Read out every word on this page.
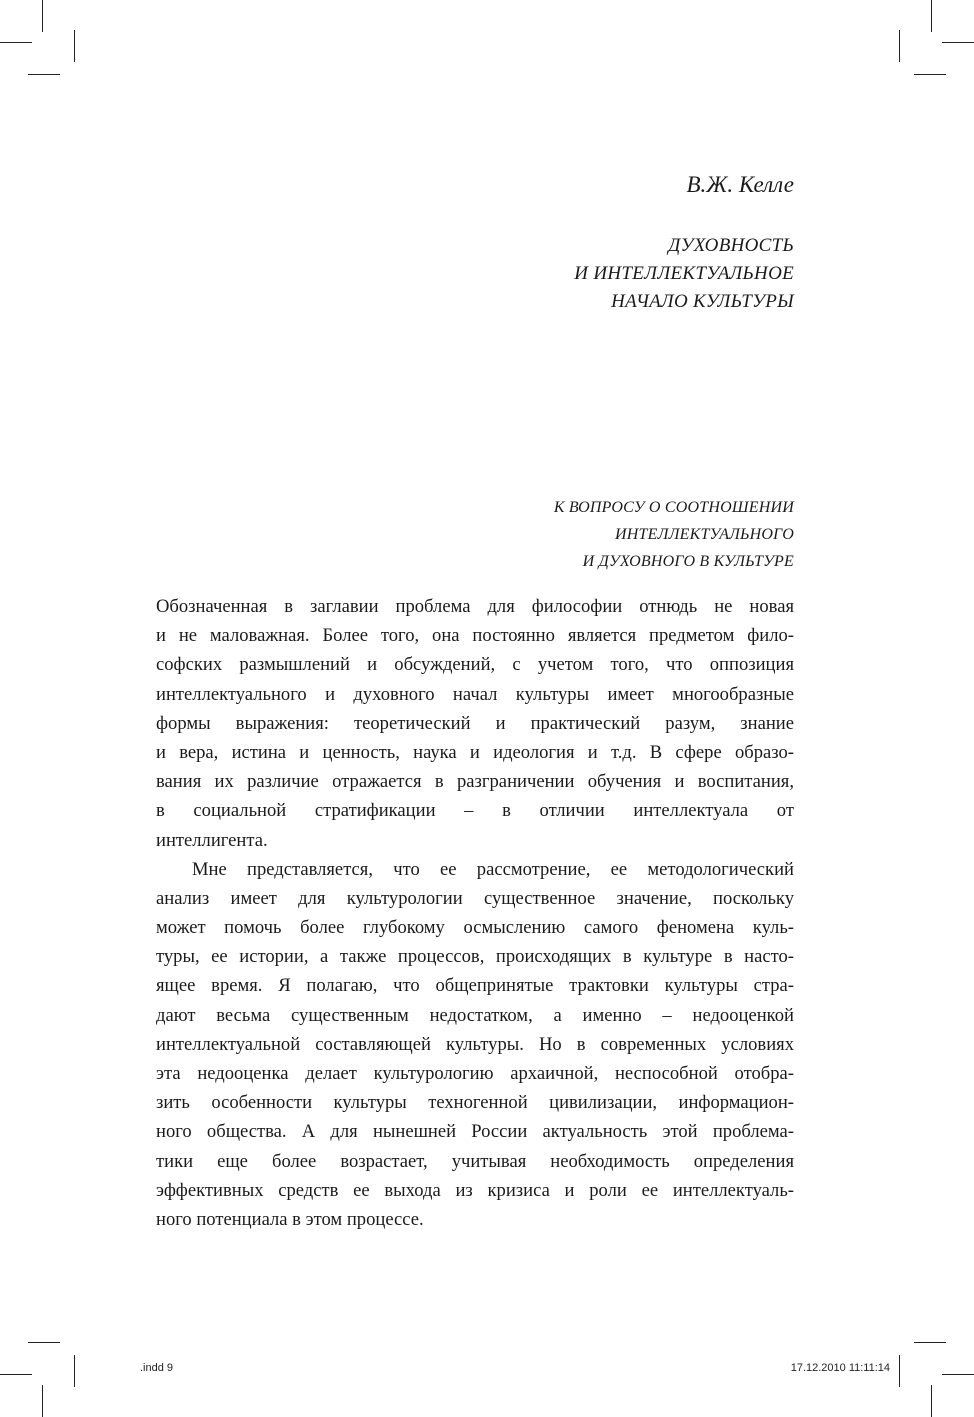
В.Ж. Келле
ДУХОВНОСТЬ
И ИНТЕЛЛЕКТУАЛЬНОЕ
НАЧАЛО КУЛЬТУРЫ
К ВОПРОСУ О СООТНОШЕНИИ
ИНТЕЛЛЕКТУАЛЬНОГО
И ДУХОВНОГО В КУЛЬТУРЕ
Обозначенная в заглавии проблема для философии отнюдь не новая
и не маловажная. Более того, она постоянно является предметом фило-
софских размышлений и обсуждений, с учетом того, что оппозиция
интеллектуального и духовного начал культуры имеет многообразные
формы выражения: теоретический и практический разум, знание
и вера, истина и ценность, наука и идеология и т.д. В сфере образо-
вания их различие отражается в разграничении обучения и воспитания,
в социальной стратификации – в отличии интеллектуала от
интеллигента.
Мне представляется, что ее рассмотрение, ее методологический
анализ имеет для культурологии существенное значение, поскольку
может помочь более глубокому осмыслению самого феномена куль-
туры, ее истории, а также процессов, происходящих в культуре в насто-
ящее время. Я полагаю, что общепринятые трактовки культуры стра-
дают весьма существенным недостатком, а именно – недооценкой
интеллектуальной составляющей культуры. Но в современных условиях
эта недооценка делает культурологию архаичной, неспособной отобра-
зить особенности культуры техногенной цивилизации, информацион-
ного общества. А для нынешней России актуальность этой проблема-
тики еще более возрастает, учитывая необходимость определения
эффективных средств ее выхода из кризиса и роли ее интеллектуаль-
ного потенциала в этом процессе.
.indd 9	17.12.2010 11:11:14
